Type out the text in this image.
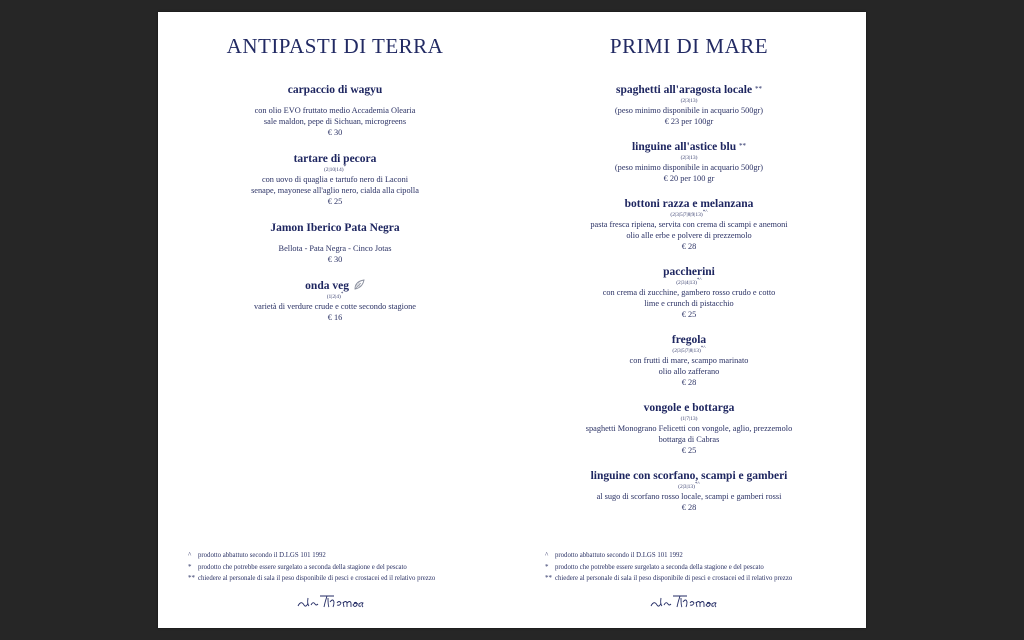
ANTIPASTI DI TERRA
carpaccio di wagyu

con olio EVO fruttato medio Accademia Olearia
sale maldon, pepe di Sichuan, microgreens
€ 30
tartare di pecora
(2|10|14)*
con uovo di quaglia e tartufo nero di Laconi
senape, mayonese all'aglio nero, cialda alla cipolla
€ 25
Jamon Iberico Pata Negra

Bellota - Pata Negra - Cinco Jotas
€ 30
onda veg
(1|2|4)*
varietà di verdure crude e cotte secondo stagione
€ 16
^ prodotto abbattuto secondo il D.LGS 101 1992
* prodotto che potrebbe essere surgelato a seconda della stagione e del pescato
** chiedere al personale di sala il peso disponibile di pesci e crostacei ed il relativo prezzo
PRIMI DI MARE
spaghetti all'aragosta locale **
(2|3|13)
(peso minimo disponibile in acquario 500gr)
€ 23 per 100gr
linguine all'astice blu **
(2|3|13)
(peso minimo disponibile in acquario 500gr)
€ 20 per 100 gr
bottoni razza e melanzana
(2|3|5|7|8|9|13)*^
pasta fresca ripiena, servita con crema di scampi e anemoni
olio alle erbe e polvere di prezzemolo
€ 28
paccherini
(2|3|4|13)*^
con crema di zucchine, gambero rosso crudo e cotto
lime e crunch di pistacchio
€ 25
fregola
(2|3|5|7|8|13)*^
con frutti di mare, scampo marinato
olio allo zafferano
€ 28
vongole e bottarga
(1|7|13)
spaghetti Monograno Felicetti con vongole, aglio, prezzemolo
bottarga di Cabras
€ 25
linguine con scorfano, scampi e gamberi
(2|3|13)*^
al sugo di scorfano rosso locale, scampi e gamberi rossi
€ 28
^ prodotto abbattuto secondo il D.LGS 101 1992
* prodotto che potrebbe essere surgelato a seconda della stagione e del pescato
** chiedere al personale di sala il peso disponibile di pesci e crostacei ed il relativo prezzo
